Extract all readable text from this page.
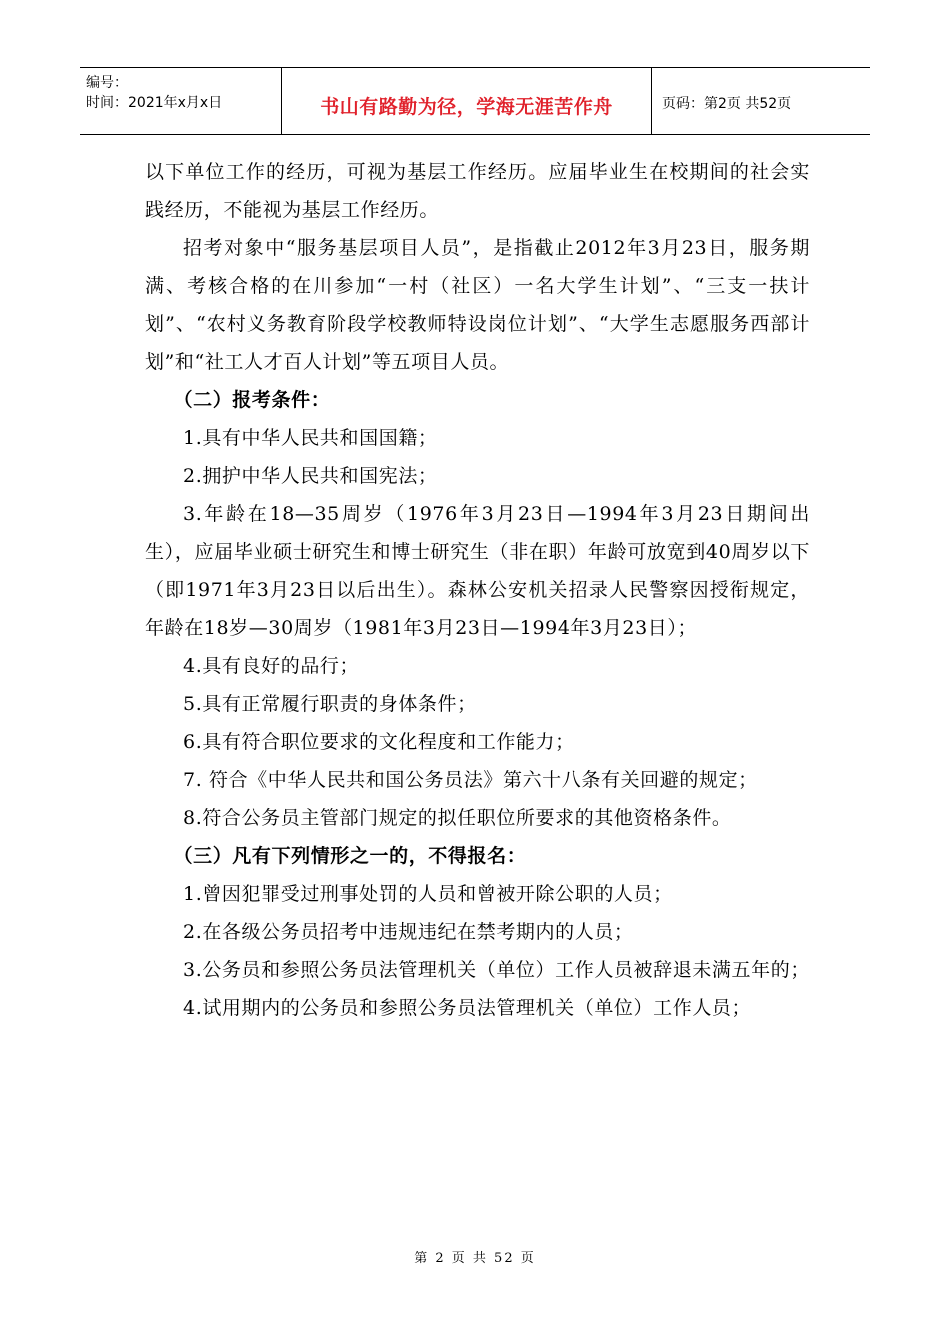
编号：
时间：2021年x月x日	书山有路勤为径，学海无涯苦作舟	页码：第2页 共52页

以下单位工作的经历，可视为基层工作经历。应届毕业生在校期间的社会实践经历，不能视为基层工作经历。

招考对象中“服务基层项目人员”，是指截止2012年3月23日，服务期满、考核合格的在川参加“一村（社区）一名大学生计划”、“三支一扶计划”、“农村义务教育阶段学校教师特设岗位计划”、“大学生志愿服务西部计划”和“社工人才百人计划”等五项目人员。

（二）报考条件：

1.具有中华人民共和国国籍；

2.拥护中华人民共和国宪法；

3.年龄在18—35周岁（1976年3月23日—1994年3月23日期间出生），应届毕业硕士研究生和博士研究生（非在职）年龄可放宽到40周岁以下（即1971年3月23日以后出生）。森林公安机关招录人民警察因授衔规定，年龄在18岁—30周岁（1981年3月23日—1994年3月23日）；

4.具有良好的品行；

5.具有正常履行职责的身体条件；

6.具有符合职位要求的文化程度和工作能力；

7. 符合《中华人民共和国公务员法》第六十八条有关回避的规定；

8.符合公务员主管部门规定的拟任职位所要求的其他资格条件。

（三）凡有下列情形之一的，不得报名：

1.曾因犯罪受过刑事处罚的人员和曾被开除公职的人员；

2.在各级公务员招考中违规违纪在禁考期内的人员；

3.公务员和参照公务员法管理机关（单位）工作人员被辞退未满五年的；

4.试用期内的公务员和参照公务员法管理机关（单位）工作人员；

第 2 页 共 52 页
